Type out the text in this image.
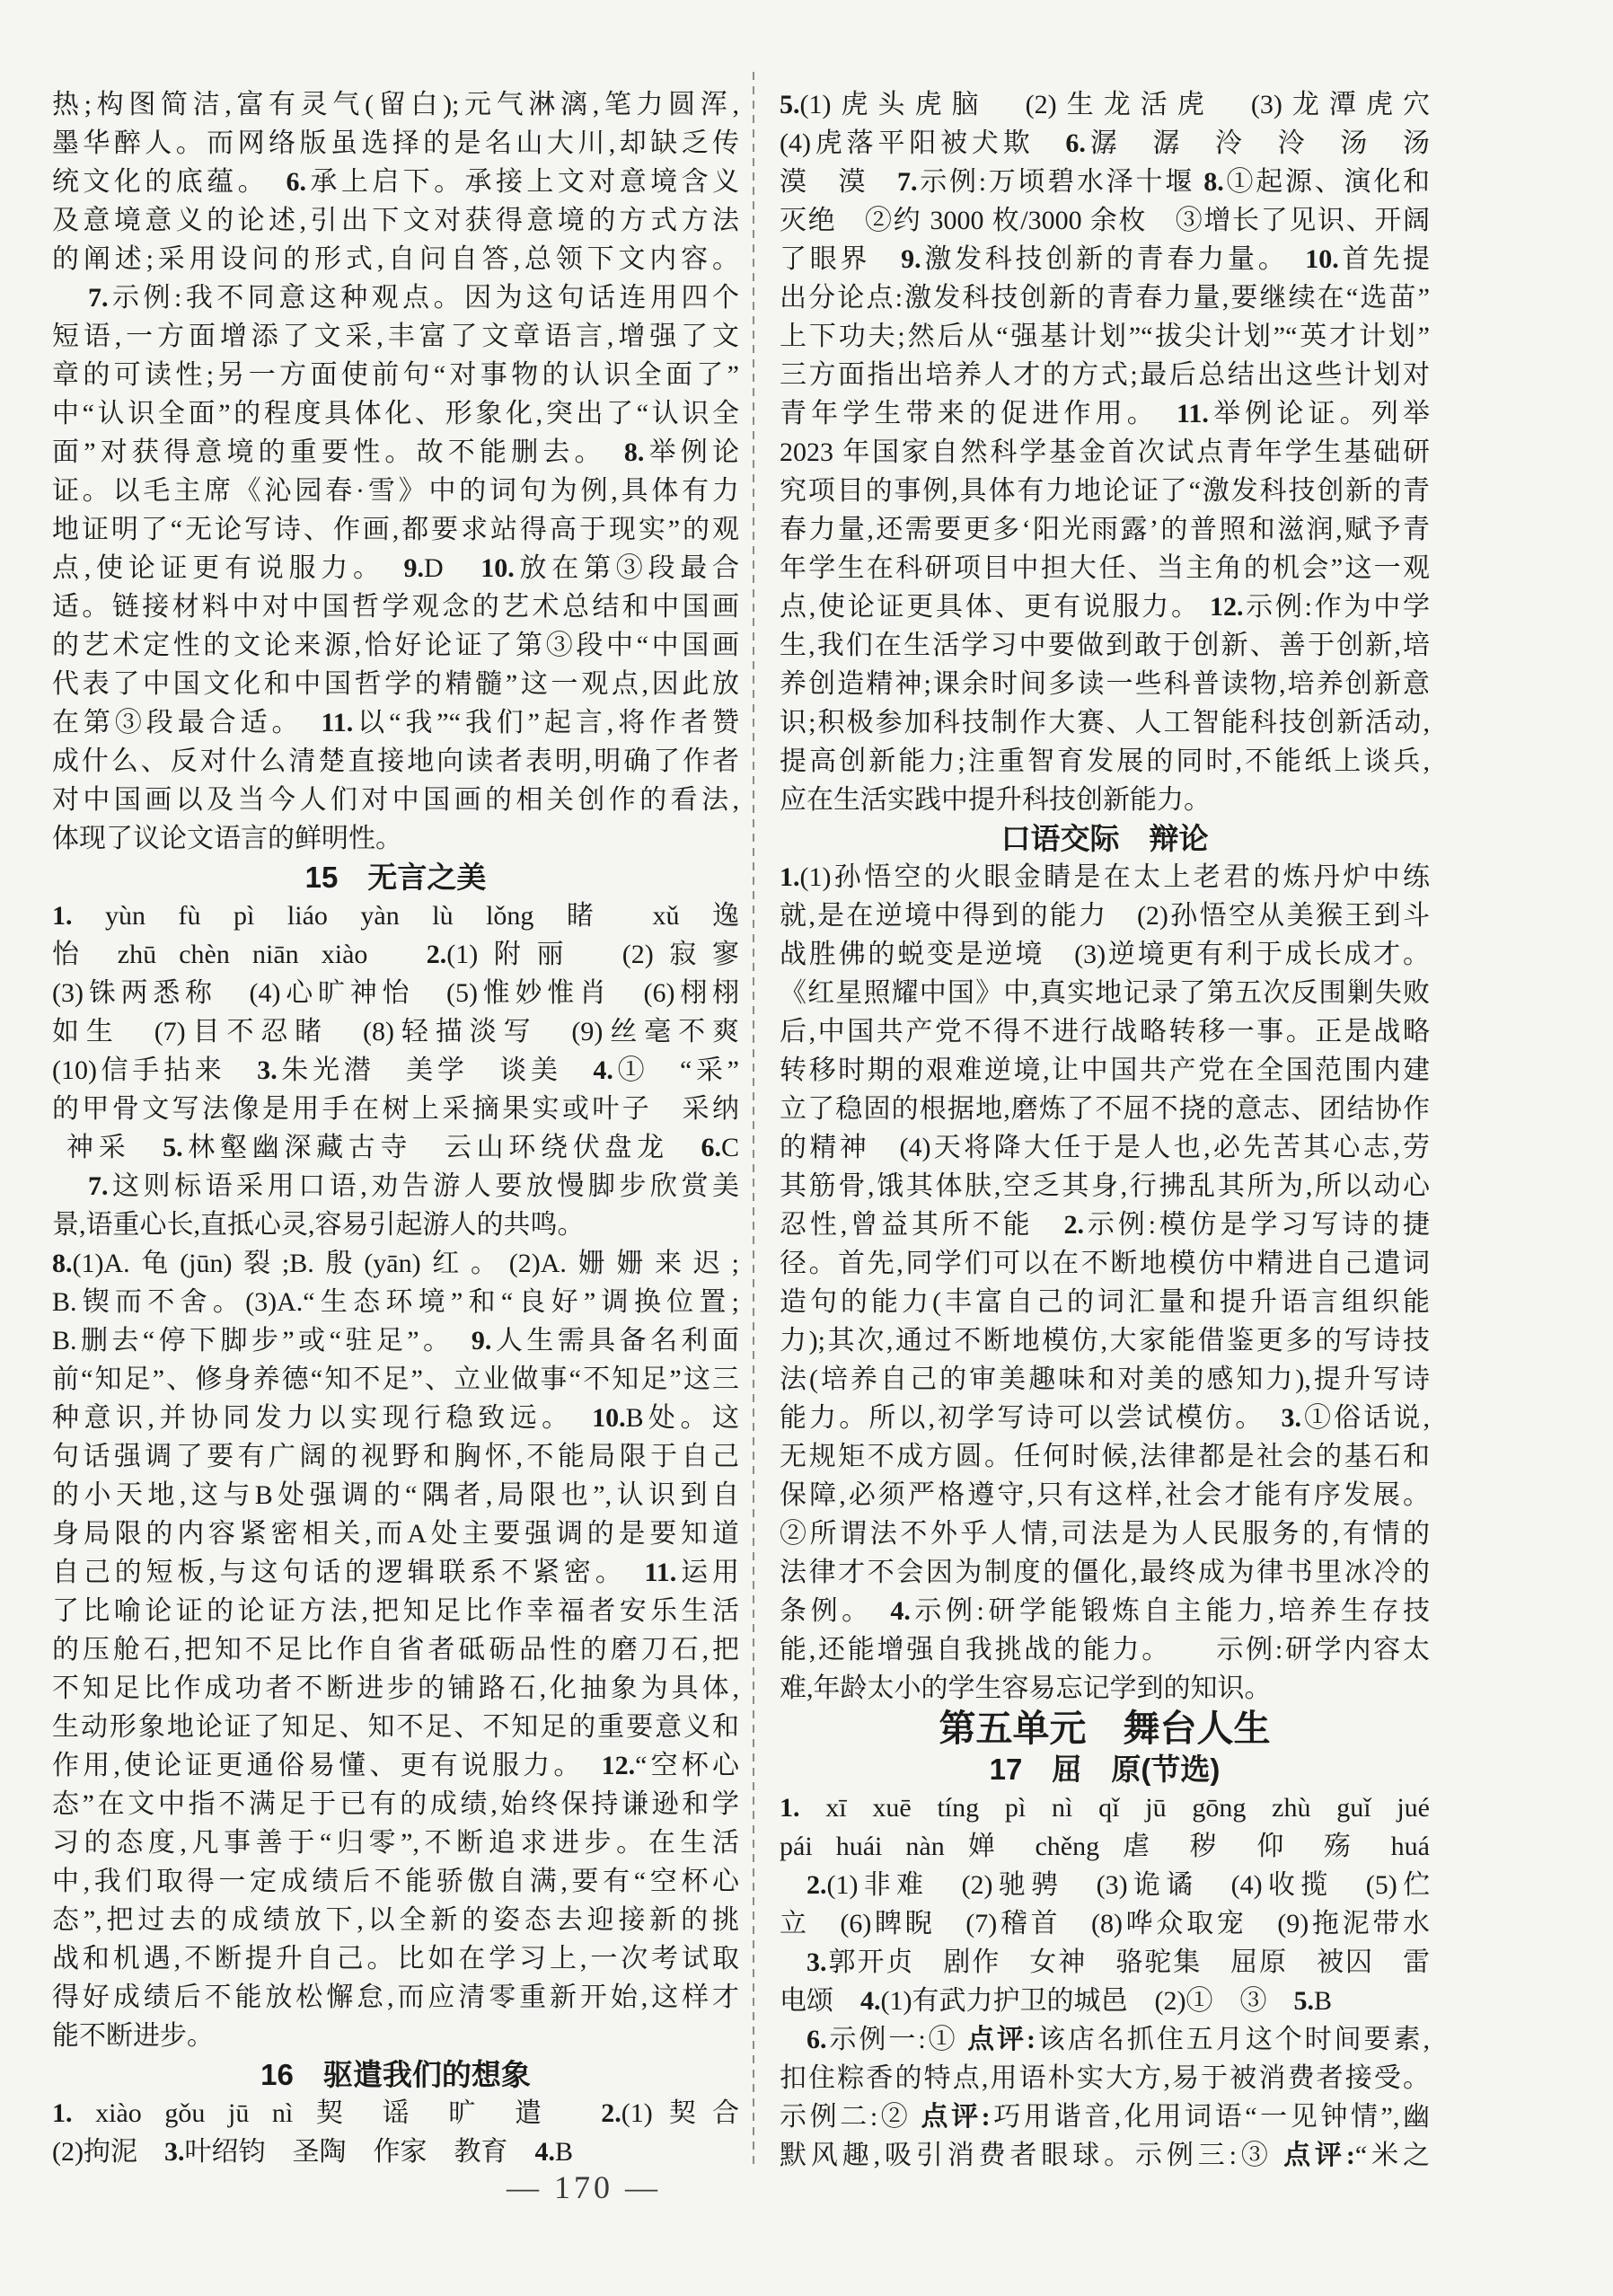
热;构图简洁,富有灵气(留白);元气淋漓,笔力圆浑,
墨华醉人。而网络版虽选择的是名山大川,却缺乏传
统文化的底蕴。　6.承上启下。承接上文对意境含义
及意境意义的论述,引出下文对获得意境的方式方法
的阐述;采用设问的形式,自问自答,总领下文内容。
7.示例:我不同意这种观点。因为这句话连用四个
短语,一方面增添了文采,丰富了文章语言,增强了文
章的可读性;另一方面使前句“对事物的认识全面了”
中“认识全面”的程度具体化、形象化,突出了“认识全
面”对获得意境的重要性。故不能删去。　8.举例论
证。以毛主席《沁园春·雪》中的词句为例,具体有力
地证明了“无论写诗、作画,都要求站得高于现实”的观
点,使论证更有说服力。　9.D　10.放在第③段最合
适。链接材料中对中国哲学观念的艺术总结和中国画
的艺术定性的文论来源,恰好论证了第③段中“中国画
代表了中国文化和中国哲学的精髓”这一观点,因此放
在第③段最合适。　11.以“我”“我们”起言,将作者赞
成什么、反对什么清楚直接地向读者表明,明确了作者
对中国画以及当今人们对中国画的相关创作的看法,
体现了议论文语言的鲜明性。
15　无言之美
1. yùn fù pì liáo yàn lù lǒng 睹 xǔ 逸
怡 zhū chèn niān xiào　2.(1)附丽　(2)寂寥
(3)铢两悉称　(4)心旷神怡　(5)惟妙惟肖　(6)栩栩
如生　(7)目不忍睹　(8)轻描淡写　(9)丝毫不爽
(10)信手拈来　3.朱光潜　美学　谈美　4.①　“采”
的甲骨文写法像是用手在树上采摘果实或叶子　采纳
神采　5.林壑幽深藏古寺　云山环绕伏盘龙　6.C
7.这则标语采用口语,劝告游人要放慢脚步欣赏美
景,语重心长,直抵心灵,容易引起游人的共鸣。
8.(1)A.龟(jūn)裂;B.殷(yān)红。(2)A.姗姗来迟;
B.锲而不舍。(3)A.“生态环境”和“良好”调换位置;
B.删去“停下脚步”或“驻足”。　9.人生需具备名利面
前“知足”、修身养德“知不足”、立业做事“不知足”这三
种意识,并协同发力以实现行稳致远。　10.B处。这
句话强调了要有广阔的视野和胸怀,不能局限于自己
的小天地,这与B处强调的“隅者,局限也”,认识到自
身局限的内容紧密相关,而A处主要强调的是要知道
自己的短板,与这句话的逻辑联系不紧密。　11.运用
了比喻论证的论证方法,把知足比作幸福者安乐生活
的压舱石,把知不足比作自省者砥砺品性的磨刀石,把
不知足比作成功者不断进步的铺路石,化抽象为具体,
生动形象地论证了知足、知不足、不知足的重要意义和
作用,使论证更通俗易懂、更有说服力。　12.“空杯心
态”在文中指不满足于已有的成绩,始终保持谦逊和学
习的态度,凡事善于“归零”,不断追求进步。在生活
中,我们取得一定成绩后不能骄傲自满,要有“空杯心
态”,把过去的成绩放下,以全新的姿态去迎接新的挑
战和机遇,不断提升自己。比如在学习上,一次考试取
得好成绩后不能放松懈怠,而应清零重新开始,这样才
能不断进步。
16　驱遣我们的想象
1. xiào gǒu jū nì 契 谣 旷 遣　2.(1)契合
(2)拘泥　3.叶绍钧　圣陶　作家　教育　4.B
5.(1)虎头虎脑　(2)生龙活虎　(3)龙潭虎穴
(4)虎落平阳被犬欺　6.潺　潺　泠　泠　汤　汤
漠　漠　7.示例:万顷碧水泽十堰 8.①起源、演化和
灭绝　②约 3000 枚/3000 余枚　③增长了见识、开阔
了眼界　9.激发科技创新的青春力量。　10.首先提
出分论点:激发科技创新的青春力量,要继续在“选苗”
上下功夫;然后从“强基计划”“拔尖计划”“英才计划”
三方面指出培养人才的方式;最后总结出这些计划对
青年学生带来的促进作用。　11.举例论证。列举
2023 年国家自然科学基金首次试点青年学生基础研
究项目的事例,具体有力地论证了“激发科技创新的青
春力量,还需要更多‘阳光雨露’的普照和滋润,赋予青
年学生在科研项目中担大任、当主角的机会”这一观
点,使论证更具体、更有说服力。 12.示例:作为中学
生,我们在生活学习中要做到敢于创新、善于创新,培
养创造精神;课余时间多读一些科普读物,培养创新意
识;积极参加科技制作大赛、人工智能科技创新活动,
提高创新能力;注重智育发展的同时,不能纸上谈兵,
应在生活实践中提升科技创新能力。
口语交际　辩论
1.(1)孙悟空的火眼金睛是在太上老君的炼丹炉中练
就,是在逆境中得到的能力　(2)孙悟空从美猴王到斗
战胜佛的蜕变是逆境　(3)逆境更有利于成长成才。
《红星照耀中国》中,真实地记录了第五次反围剿失败
后,中国共产党不得不进行战略转移一事。正是战略
转移时期的艰难逆境,让中国共产党在全国范围内建
立了稳固的根据地,磨炼了不屈不挠的意志、团结协作
的精神　(4)天将降大任于是人也,必先苦其心志,劳
其筋骨,饿其体肤,空乏其身,行拂乱其所为,所以动心
忍性,曾益其所不能　2.示例:模仿是学习写诗的捷
径。首先,同学们可以在不断地模仿中精进自己遣词
造句的能力(丰富自己的词汇量和提升语言组织能
力);其次,通过不断地模仿,大家能借鉴更多的写诗技
法(培养自己的审美趣味和对美的感知力),提升写诗
能力。所以,初学写诗可以尝试模仿。　3.①俗话说,
无规矩不成方圆。任何时候,法律都是社会的基石和
保障,必须严格遵守,只有这样,社会才能有序发展。
②所谓法不外乎人情,司法是为人民服务的,有情的
法律才不会因为制度的僵化,最终成为律书里冰冷的
条例。　4.示例:研学能锻炼自主能力,培养生存技
能,还能增强自我挑战的能力。　　示例:研学内容太
难,年龄太小的学生容易忘记学到的知识。
第五单元　舞台人生
17　屈　原(节选)
1. xī xuē tíng pì nì qǐ jū gōng zhù guǐ jué
pái huái nàn 婵 chěng 虐 秽 仰 殇 huá
2.(1)非难　(2)驰骋　(3)诡谲　(4)收揽　(5)伫
立　(6)睥睨　(7)稽首　(8)哗众取宠　(9)拖泥带水
3.郭开贞　剧作　女神　骆驼集　屈原　被囚　雷
电颂　4.(1)有武力护卫的城邑　(2)①　③　5.B
6.示例一:① 点评:该店名抓住五月这个时间要素,
扣住粽香的特点,用语朴实大方,易于被消费者接受。
示例二:② 点评:巧用谐音,化用词语“一见钟情”,幽
默风趣,吸引消费者眼球。示例三:③ 点评:“米之
— 170 —
